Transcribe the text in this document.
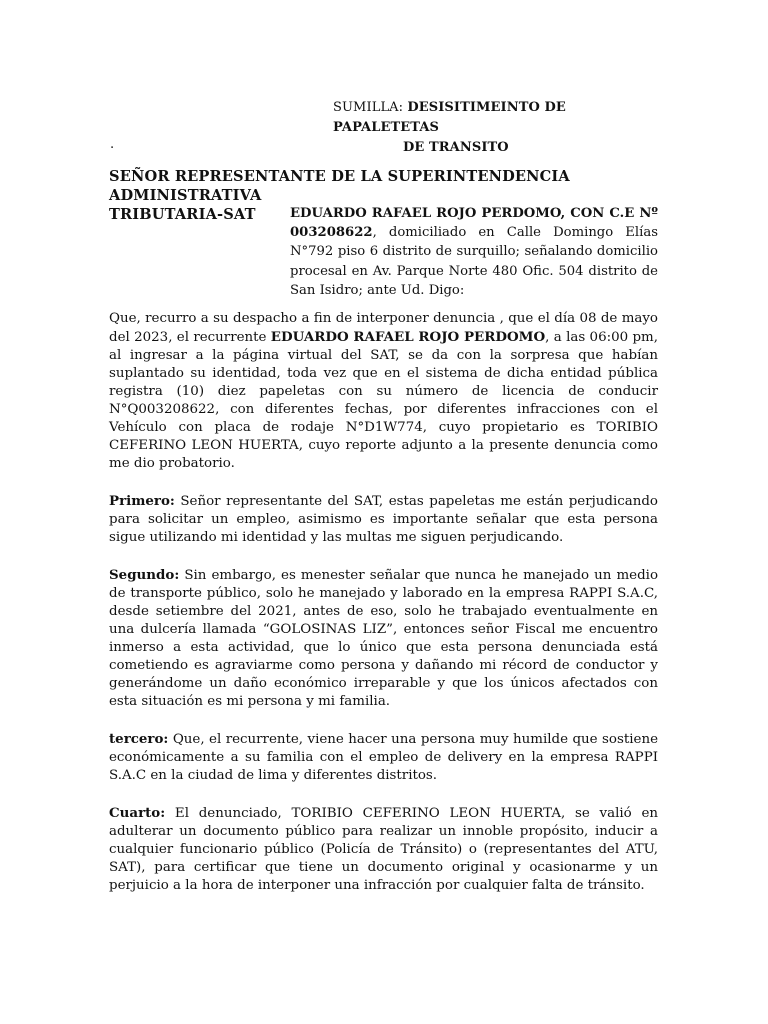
SUMILLA: DESISITIMEINTO DE PAPALETETAS
DE TRANSITO
.
SEÑOR REPRESENTANTE DE LA SUPERINTENDENCIA ADMINISTRATIVA
TRIBUTARIA-SAT	EDUARDO RAFAEL ROJO PERDOMO, CON C.E Nº 003208622, domiciliado en Calle Domingo Elías N°792 piso 6 distrito de surquillo; señalando domicilio procesal en Av. Parque Norte 480 Ofic. 504 distrito de San Isidro; ante Ud. Digo:

Que, recurro a su despacho a fin de interponer denuncia , que el día 08 de mayo del 2023, el recurrente EDUARDO RAFAEL ROJO PERDOMO, a las 06:00 pm, al ingresar a la página virtual del SAT, se da con la sorpresa que habían suplantado su identidad, toda vez que en el sistema de dicha entidad pública registra (10) diez papeletas con su número de licencia de conducir N°Q003208622, con diferentes fechas, por diferentes infracciones con el Vehículo con placa de rodaje N°D1W774, cuyo propietario es TORIBIO CEFERINO LEON HUERTA, cuyo reporte adjunto a la presente denuncia como me dio probatorio.

Primero: Señor representante del SAT, estas papeletas me están perjudicando para solicitar un empleo, asimismo es importante señalar que esta persona sigue utilizando mi identidad y las multas me siguen perjudicando.

Segundo: Sin embargo, es menester señalar que nunca he manejado un medio de transporte público, solo he manejado y laborado en la empresa RAPPI S.A.C, desde setiembre del 2021, antes de eso, solo he trabajado eventualmente en una dulcería llamada “GOLOSINAS LIZ”, entonces señor Fiscal me encuentro inmerso a esta actividad, que lo único que esta persona denunciada está cometiendo es agraviarme como persona y dañando mi récord de conductor y generándome un daño económico irreparable y que los únicos afectados con esta situación es mi persona y mi familia.

tercero: Que, el recurrente, viene hacer una persona muy humilde que sostiene económicamente a su familia con el empleo de delivery en la empresa RAPPI S.A.C en la ciudad de lima y diferentes distritos.

Cuarto: El denunciado, TORIBIO CEFERINO LEON HUERTA, se valió en adulterar un documento público para realizar un innoble propósito, inducir a cualquier funcionario público (Policía de Tránsito) o (representantes del ATU, SAT), para certificar que tiene un documento original y ocasionarme y un perjuicio a la hora de interponer una infracción por cualquier falta de tránsito.
